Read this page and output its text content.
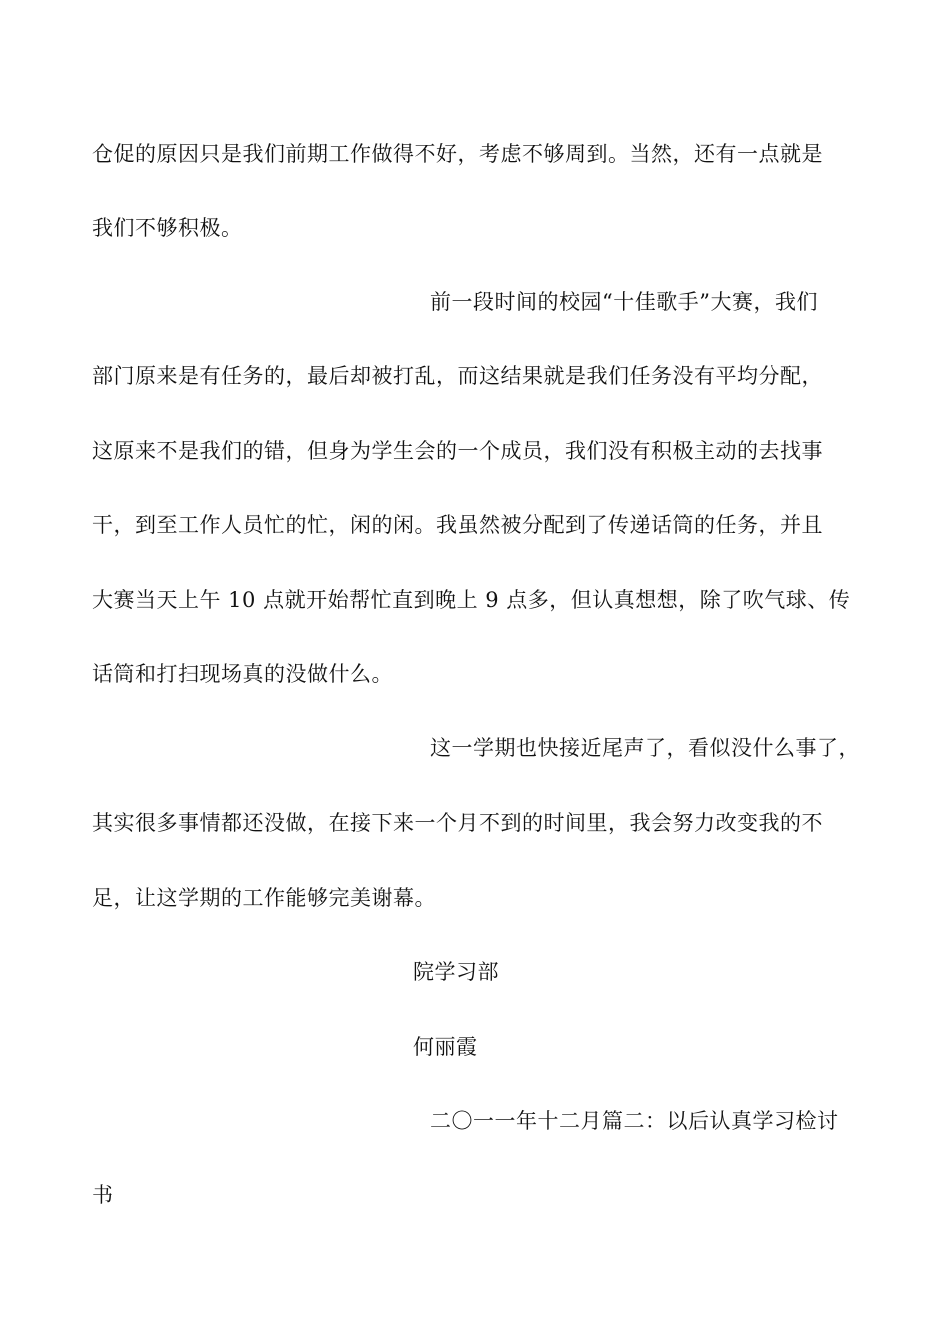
仓促的原因只是我们前期工作做得不好，考虑不够周到。当然，还有一点就是
我们不够积极。
前一段时间的校园“十佳歌手”大赛，我们
部门原来是有任务的，最后却被打乱，而这结果就是我们任务没有平均分配，
这原来不是我们的错，但身为学生会的一个成员，我们没有积极主动的去找事
干，到至工作人员忙的忙，闲的闲。我虽然被分配到了传递话筒的任务，并且
大赛当天上午 10 点就开始帮忙直到晚上 9 点多，但认真想想，除了吹气球、传
话筒和打扫现场真的没做什么。
这一学期也快接近尾声了，看似没什么事了，
其实很多事情都还没做，在接下来一个月不到的时间里，我会努力改变我的不
足，让这学期的工作能够完美谢幕。
院学习部
何丽霞
二〇一一年十二月篇二：以后认真学习检讨
书
